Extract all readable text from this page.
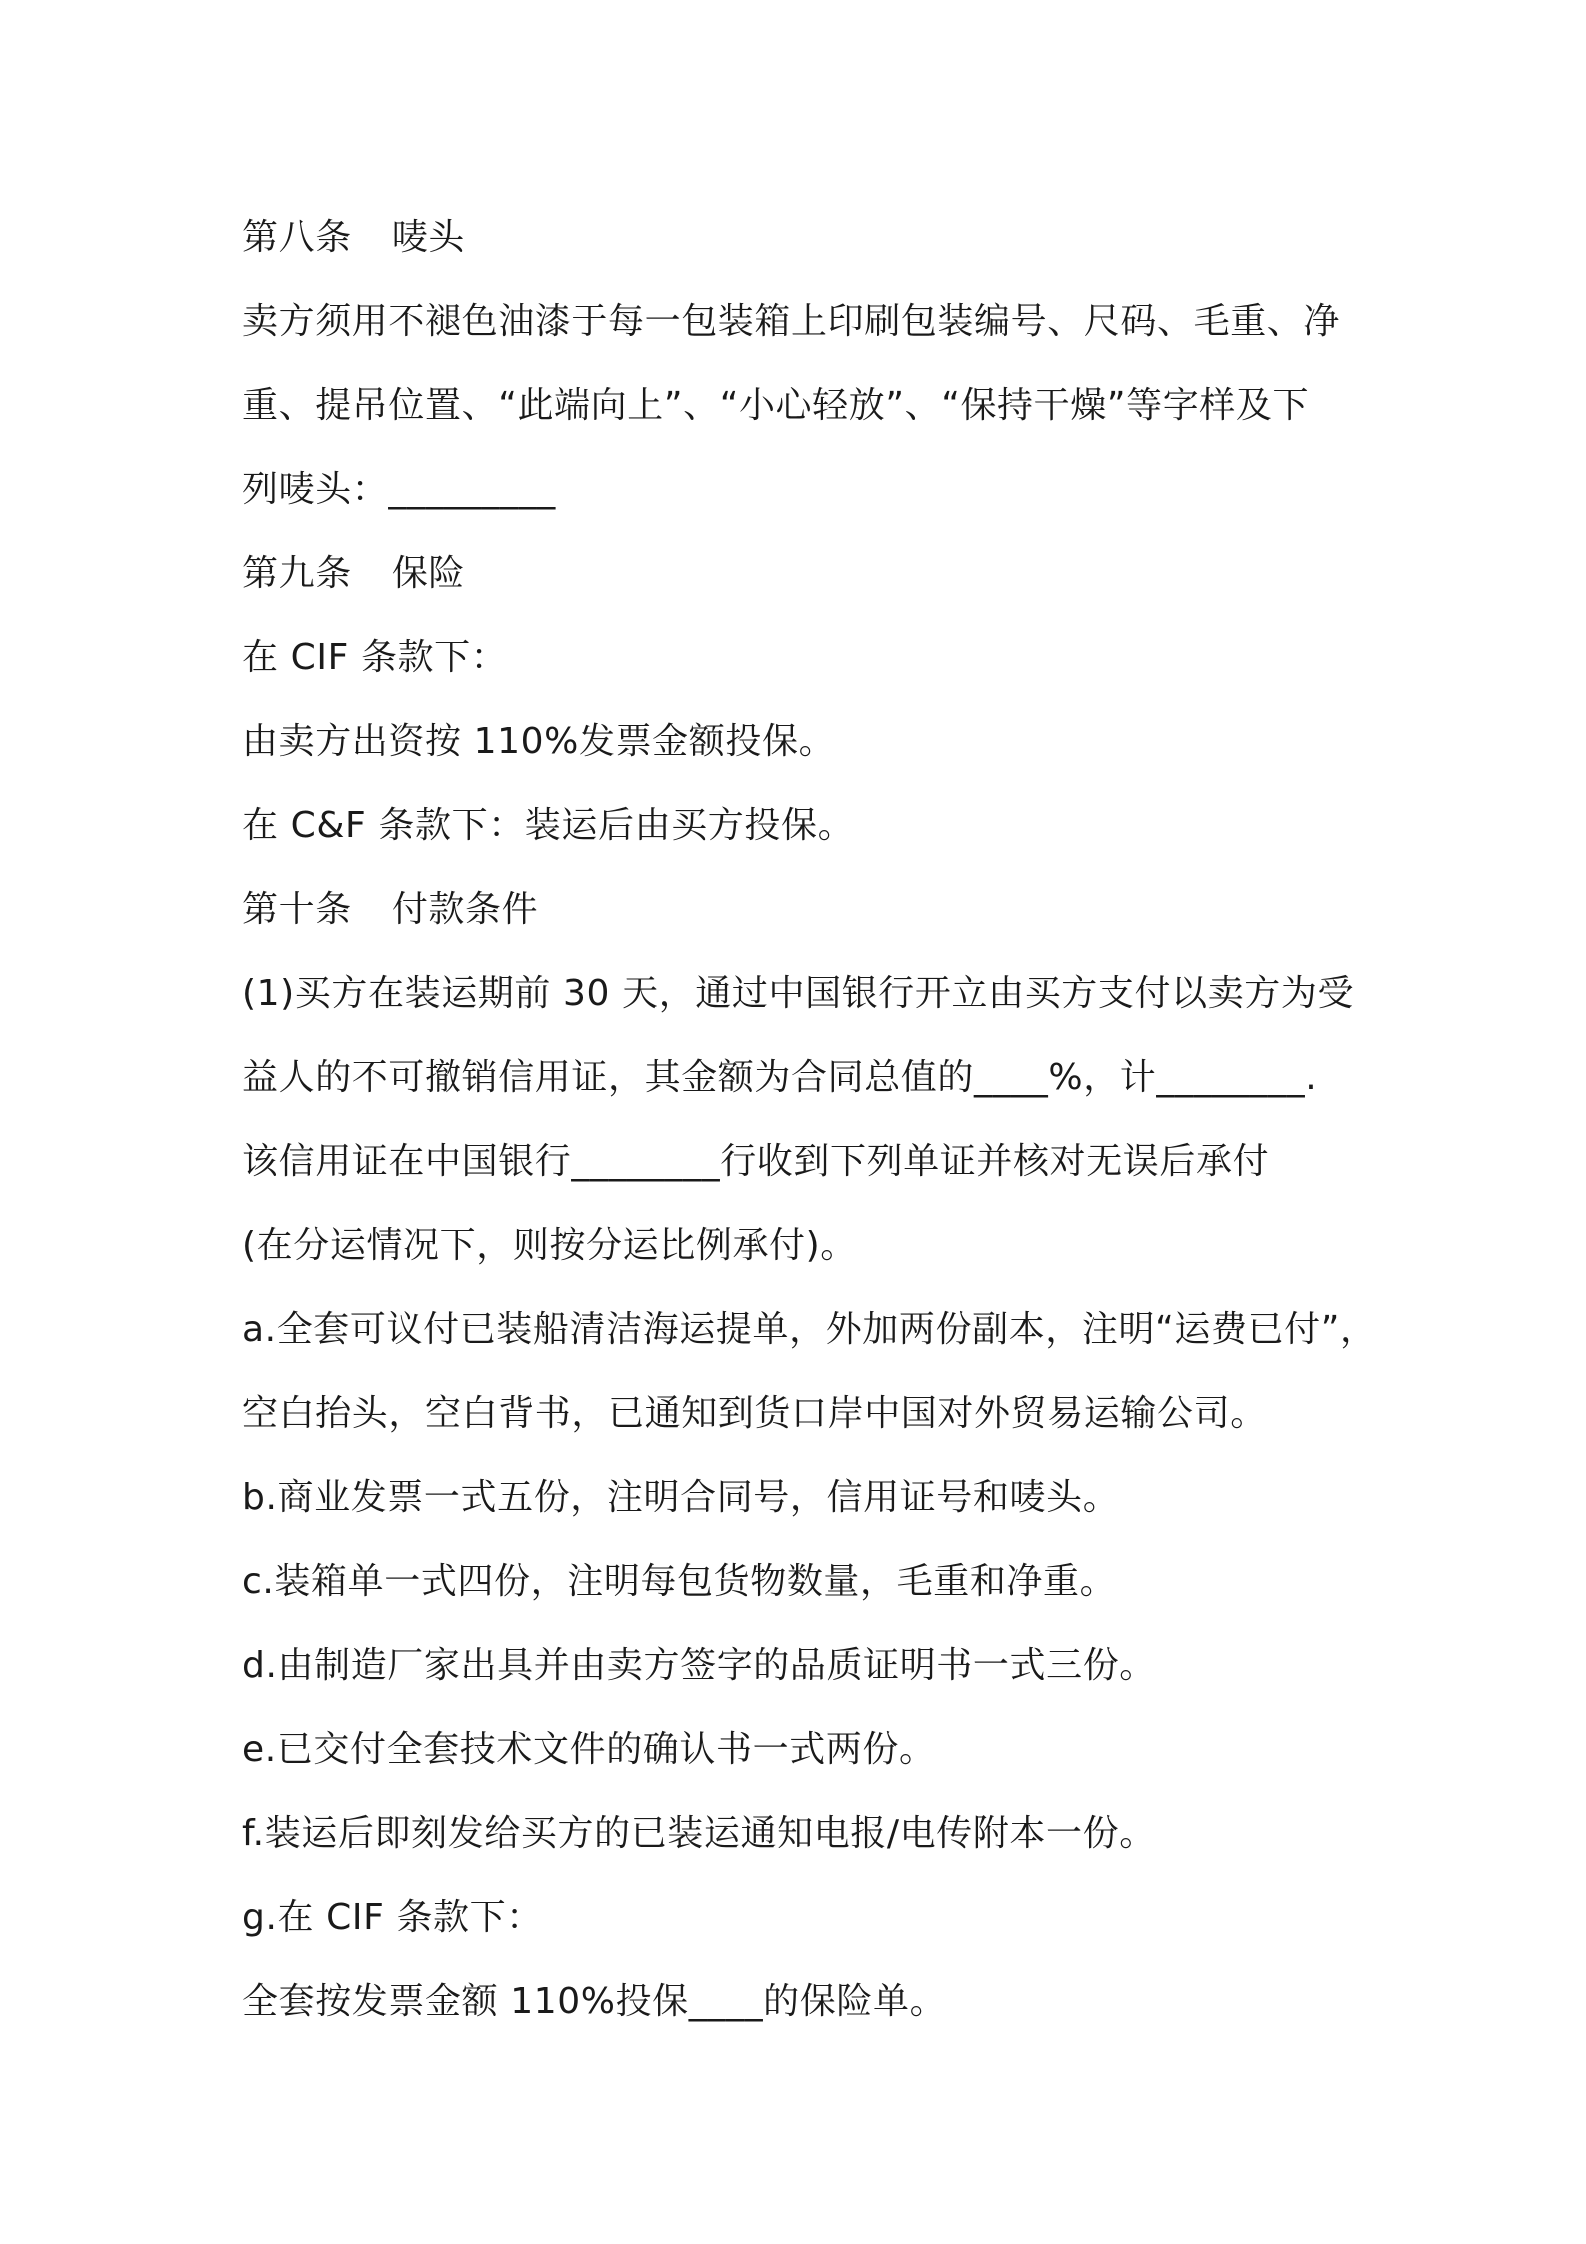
第八条 唛头
卖方须用不褪色油漆于每一包装箱上印刷包装编号、尺码、毛重、净
重、提吊位置、“此端向上”、“小心轻放”、“保持干燥”等字样及下
列唛头：_________
第九条 保险
在 CIF 条款下：
由卖方出资按 110%发票金额投保。
在 C&F 条款下：装运后由买方投保。
第十条 付款条件
(1)买方在装运期前 30 天，通过中国银行开立由买方支付以卖方为受
益人的不可撤销信用证，其金额为合同总值的____%，计________.
该信用证在中国银行________行收到下列单证并核对无误后承付
(在分运情况下，则按分运比例承付)。
a.全套可议付已装船清洁海运提单，外加两份副本，注明“运费已付”，
空白抬头，空白背书，已通知到货口岸中国对外贸易运输公司。
b.商业发票一式五份，注明合同号，信用证号和唛头。
c.装箱单一式四份，注明每包货物数量，毛重和净重。
d.由制造厂家出具并由卖方签字的品质证明书一式三份。
e.已交付全套技术文件的确认书一式两份。
f.装运后即刻发给买方的已装运通知电报/电传附本一份。
g.在 CIF 条款下：
全套按发票金额 110%投保____的保险单。
